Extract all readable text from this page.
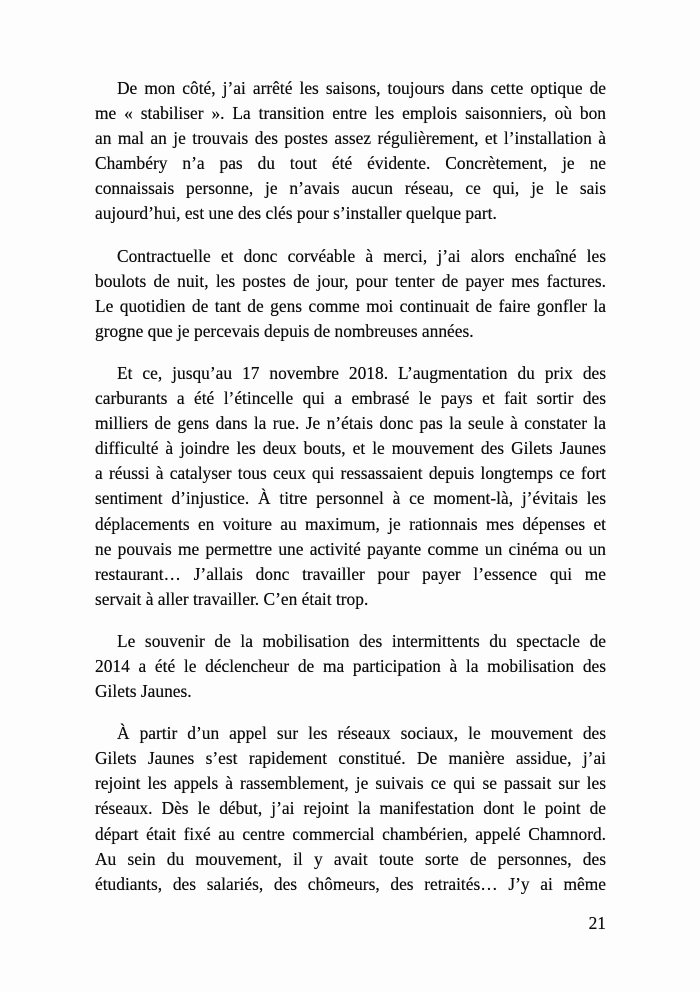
De mon côté, j’ai arrêté les saisons, toujours dans cette optique de
me « stabiliser ». La transition entre les emplois saisonniers, où bon
an mal an je trouvais des postes assez régulièrement, et l’installation à
Chambéry n’a pas du tout été évidente. Concrètement, je ne
connaissais personne, je n’avais aucun réseau, ce qui, je le sais
aujourd’hui, est une des clés pour s’installer quelque part.
Contractuelle et donc corvéable à merci, j’ai alors enchaîné les
boulots de nuit, les postes de jour, pour tenter de payer mes factures.
Le quotidien de tant de gens comme moi continuait de faire gonfler la
grogne que je percevais depuis de nombreuses années.
Et ce, jusqu’au 17 novembre 2018. L’augmentation du prix des
carburants a été l’étincelle qui a embrasé le pays et fait sortir des
milliers de gens dans la rue. Je n’étais donc pas la seule à constater la
difficulté à joindre les deux bouts, et le mouvement des Gilets Jaunes
a réussi à catalyser tous ceux qui ressassaient depuis longtemps ce fort
sentiment d’injustice. À titre personnel à ce moment-là, j’évitais les
déplacements en voiture au maximum, je rationnais mes dépenses et
ne pouvais me permettre une activité payante comme un cinéma ou un
restaurant… J’allais donc travailler pour payer l’essence qui me
servait à aller travailler. C’en était trop.
Le souvenir de la mobilisation des intermittents du spectacle de
2014 a été le déclencheur de ma participation à la mobilisation des
Gilets Jaunes.
À partir d’un appel sur les réseaux sociaux, le mouvement des
Gilets Jaunes s’est rapidement constitué. De manière assidue, j’ai
rejoint les appels à rassemblement, je suivais ce qui se passait sur les
réseaux. Dès le début, j’ai rejoint la manifestation dont le point de
départ était fixé au centre commercial chambérien, appelé Chamnord.
Au sein du mouvement, il y avait toute sorte de personnes, des
étudiants, des salariés, des chômeurs, des retraités… J’y ai même
21
